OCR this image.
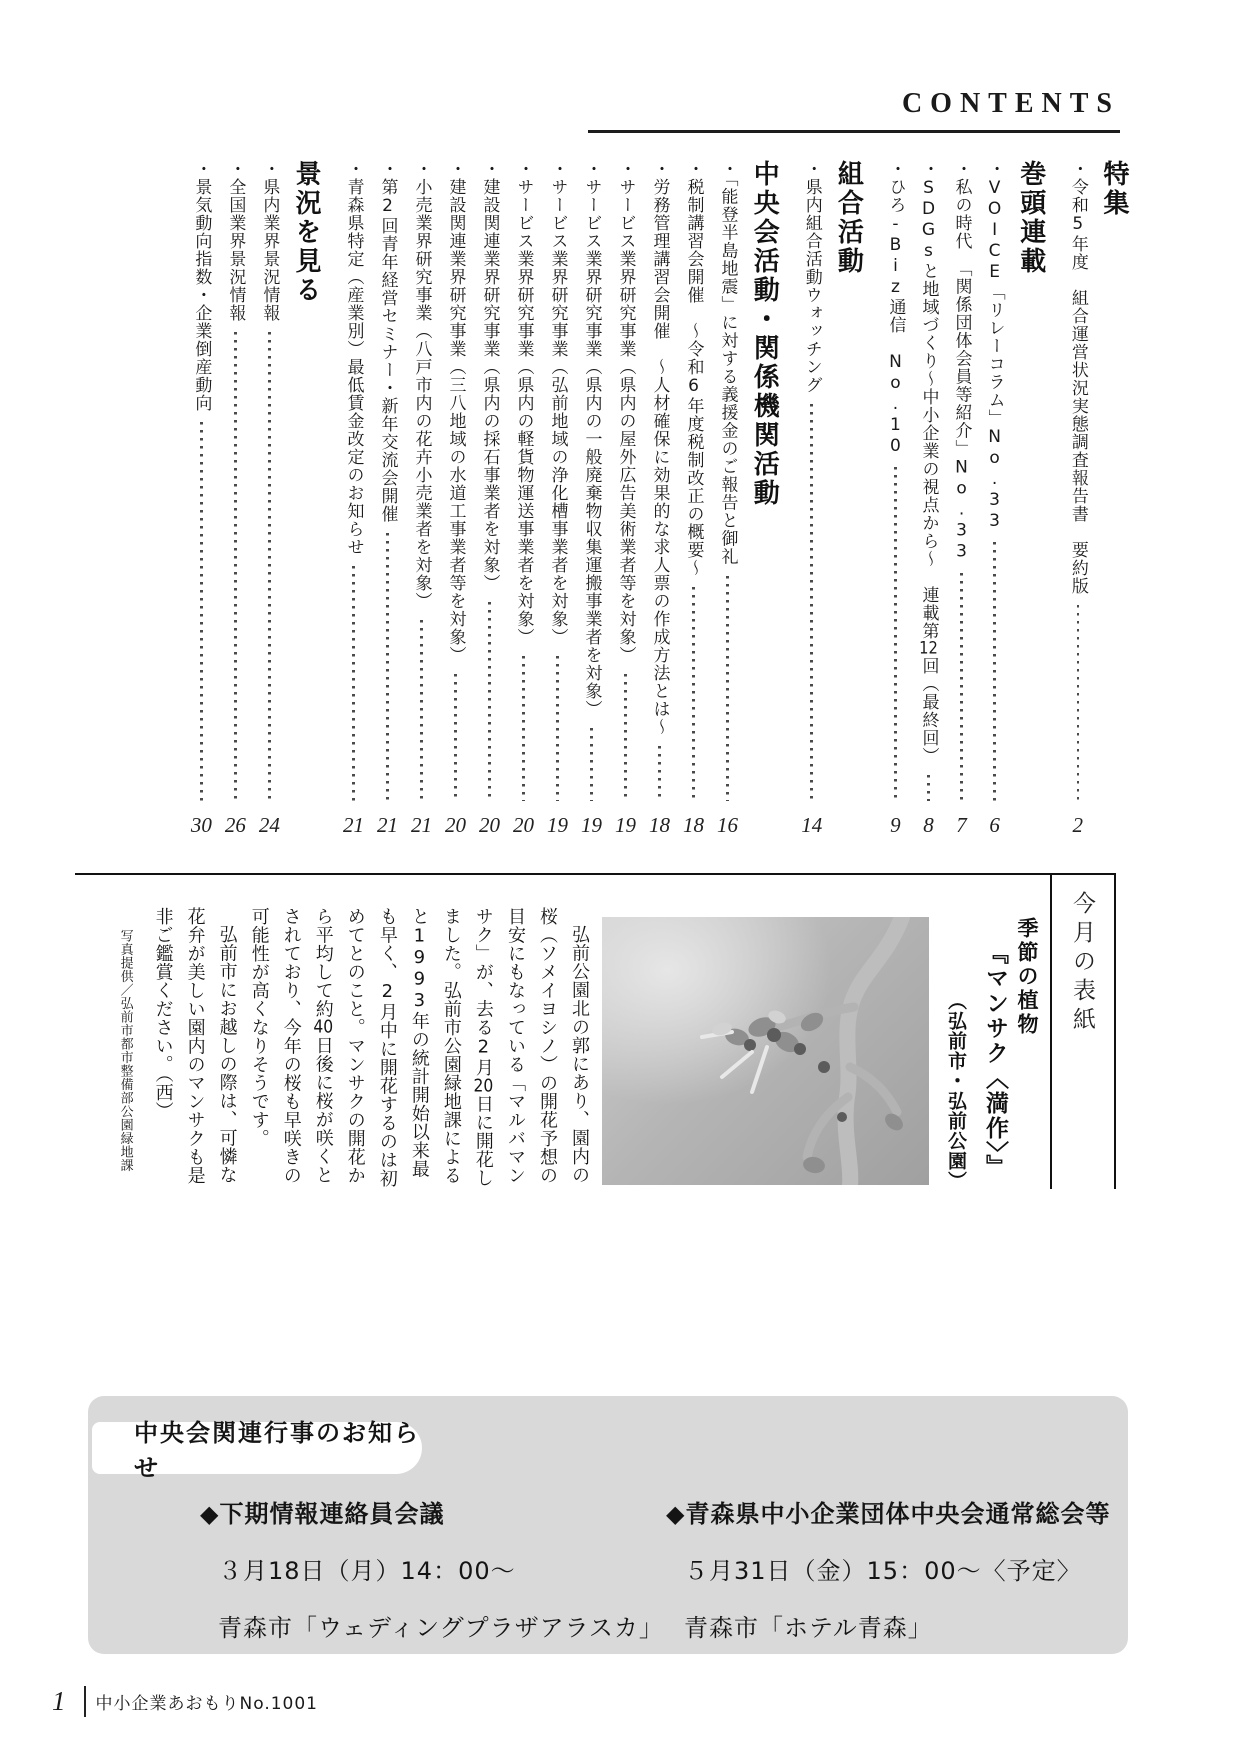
CONTENTS
特集
・令和5年度　組合運営状況実態調査報告書　要約版
2
巻頭連載
・VOICE「リレーコラム」No.33
6
・私の時代　「関係団体会員等紹介」No.33
7
・SDGsと地域づくり～中小企業の視点から～　連載第12回（最終回）
8
・ひろ-Biz通信　No.10
9
組合活動
・県内組合活動ウォッチング
14
中央会活動・関係機関活動
・「能登半島地震」に対する義援金のご報告と御礼
16
・税制講習会開催　～令和6年度税制改正の概要～
18
・労務管理講習会開催　～人材確保に効果的な求人票の作成方法とは～
18
・サービス業界研究事業（県内の屋外広告美術業者等を対象）
19
・サービス業界研究事業（県内の一般廃棄物収集運搬事業者を対象）
19
・サービス業界研究事業（弘前地域の浄化槽事業者を対象）
19
・サービス業界研究事業（県内の軽貨物運送事業者を対象）
20
・建設関連業界研究事業（県内の採石事業者を対象）
20
・建設関連業界研究事業（三八地域の水道工事業者等を対象）
20
・小売業界研究事業（八戸市内の花卉小売業者を対象）
21
・第2回青年経営セミナー・新年交流会開催
21
・青森県特定（産業別）最低賃金改定のお知らせ
21
景況を見る
・県内業界景況情報
24
・全国業界景況情報
26
・景気動向指数・企業倒産動向
30
今月の表紙
季節の植物
『マンサク〈満作〉』
（弘前市・弘前公園）

弘前公園北の郭にあり、園内の桜（ソメイヨシノ）の開花予想の目安にもなっている「マルバマンサク」が、去る2月20日に開花しました。弘前市公園緑地課によると1993年の統計開始以来最も早く、2月中に開花するのは初めてとのこと。マンサクの開花から平均して約40日後に桜が咲くとされており、今年の桜も早咲きの可能性が高くなりそうです。

弘前市にお越しの際は、可憐な花弁が美しい園内のマンサクも是非ご鑑賞ください。（西）

写真提供／弘前市都市整備部公園緑地課
中央会関連行事のお知らせ
◆下期情報連絡員会議
３月18日（月）14：00～
青森市「ウェディングプラザアラスカ」
◆青森県中小企業団体中央会通常総会等
５月31日（金）15：00～〈予定〉
青森市「ホテル青森」
1	中小企業あおもりNo.1001
